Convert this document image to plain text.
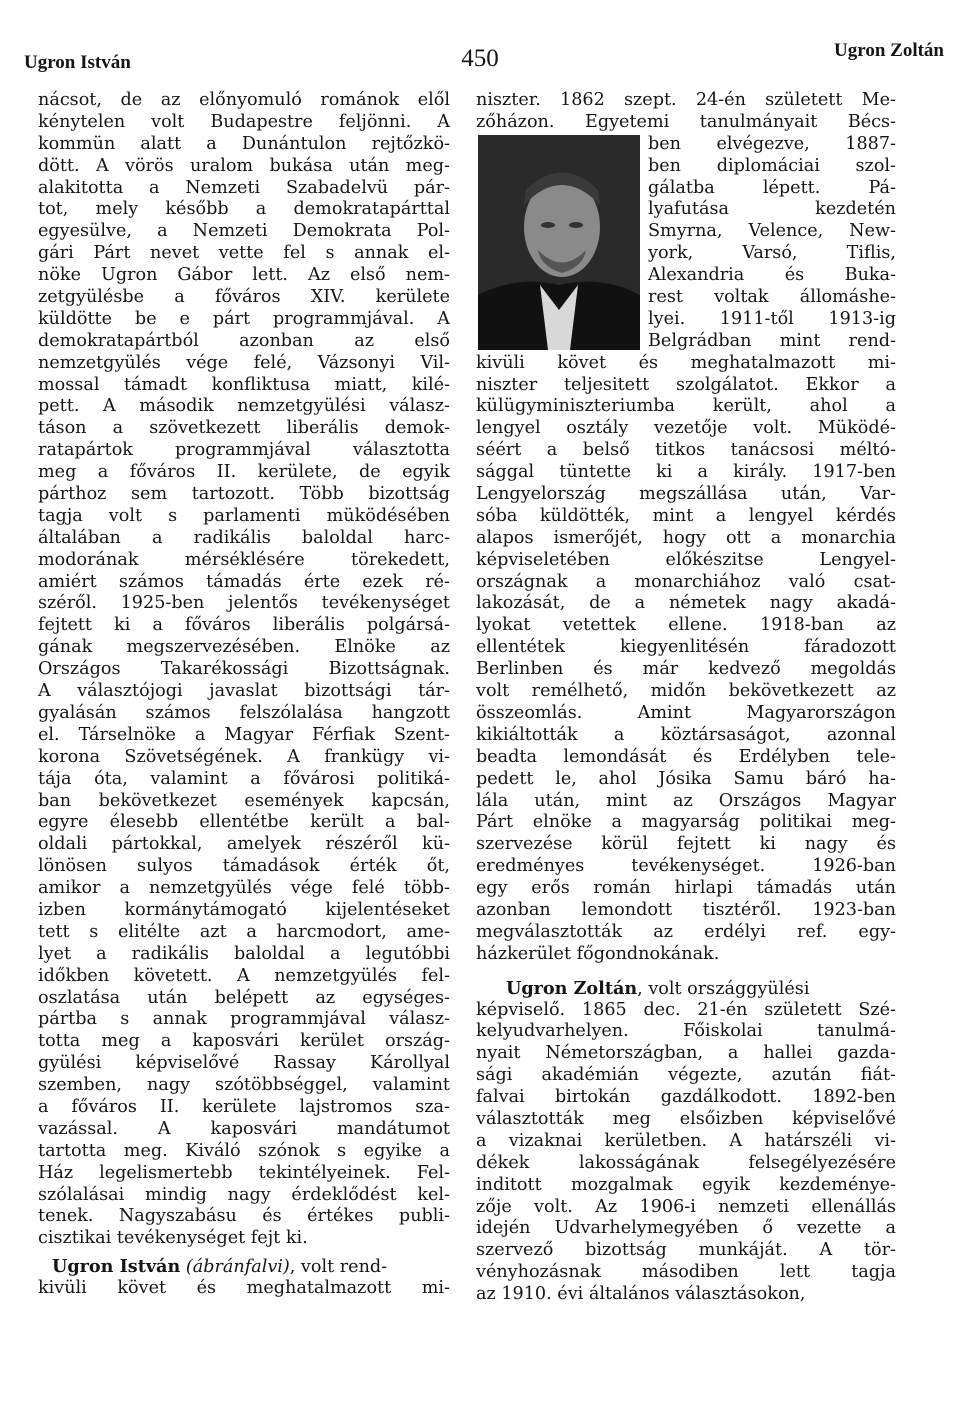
Ugron István	450	Ugron Zoltán
nácsot, de az előnyomuló románok elől
kénytelen volt Budapestre feljönni. A
kommün alatt a Dunántulon rejtőzkö-
dött. A vörös uralom bukása után meg-
alakitotta a Nemzeti Szabadelvü pár-
tot, mely később a demokratapárttal
egyesülve, a Nemzeti Demokrata Pol-
gári Párt nevet vette fel s annak el-
nöke Ugron Gábor lett. Az első nem-
zetgyülésbe a főváros XIV. kerülete
küldötte be e párt programmjával. A
demokratapártból azonban az első
nemzetgyülés vége felé, Vázsonyi Vil-
mossal támadt konfliktusa miatt, kilé-
pett. A második nemzetgyülési válasz-
táson a szövetkezett liberális demok-
ratapártok programmjával választotta
meg a főváros II. kerülete, de egyik
párthoz sem tartozott. Több bizottság
tagja volt s parlamenti müködésében
általában a radikális baloldal harc-
modorának mérséklésére törekedett,
amiért számos támadás érte ezek ré-
széről. 1925-ben jelentős tevékenységet
fejtett ki a főváros liberális polgársá-
gának megszervezésében. Elnöke az
Országos Takarékossági Bizottságnak.
A választójogi javaslat bizottsági tár-
gyalásán számos felszólalása hangzott
el. Társelnöke a Magyar Férfiak Szent-
korona Szövetségének. A frankügy vi-
tája óta, valamint a fővárosi politiká-
ban bekövetkezet események kapcsán,
egyre élesebb ellentétbe került a bal-
oldali pártokkal, amelyek részéről kü-
lönösen sulyos támadások érték őt,
amikor a nemzetgyülés vége felé több-
izben kormánytámogató kijelentéseket
tett s elitélte azt a harcmodort, ame-
lyet a radikális baloldal a legutóbbi
időkben követett. A nemzetgyülés fel-
oszlatása után belépett az egységes-
pártba s annak programmjával válasz-
totta meg a kaposvári kerület ország-
gyülési képviselővé Rassay Károllyal
szemben, nagy szótöbbséggel, valamint
a főváros II. kerülete lajstromos sza-
vazással. A kaposvári mandátumot
tartotta meg. Kiváló szónok s egyike a
Ház legelismertebb tekintélyeinek. Fel-
szólalásai mindig nagy érdeklődést kel-
tenek. Nagyszabásu és értékes publi-
cisztikai tevékenységet fejt ki.
Ugron István (ábránfalvi), volt rend-
kivüli követ és meghatalmazott mi-
niszter. 1862 szept. 24-én született Me-
zőházon. Egyetemi tanulmányait Bécs-
ben elvégezve, 1887-
ben diplomáciai szol-
gálatba lépett. Pá-
lyafutása kezdetén
Smyrna, Velence, New-
york, Varsó, Tiflis,
Alexandria és Buka-
rest voltak állomáshe-
lyei. 1911-től 1913-ig
Belgrádban mint rend-
kivüli követ és meghatalmazott mi-
niszter teljesitett szolgálatot. Ekkor a
külügyminiszteriumba került, ahol a
lengyel osztály vezetője volt. Müködé-
séért a belső titkos tanácsosi méltó-
sággal tüntette ki a király. 1917-ben
Lengyelország megszállása után, Var-
sóba küldötték, mint a lengyel kérdés
alapos ismerőjét, hogy ott a monarchia
képviseletében előkészitse Lengyel-
országnak a monarchiához való csat-
lakozását, de a németek nagy akadá-
lyokat vetettek ellene. 1918-ban az
ellentétek kiegyenlitésén fáradozott
Berlinben és már kedvező megoldás
volt remélhető, midőn bekövetkezett az
összeomlás. Amint Magyarországon
kikiáltották a köztársaságot, azonnal
beadta lemondását és Erdélyben tele-
pedett le, ahol Jósika Samu báró ha-
lála után, mint az Országos Magyar
Párt elnöke a magyarság politikai meg-
szervezése körül fejtett ki nagy és
eredményes tevékenységet. 1926-ban
egy erős román hirlapi támadás után
azonban lemondott tisztéről. 1923-ban
megválasztották az erdélyi ref. egy-
házkerület főgondnokának.
Ugron Zoltán, volt országgyülési
képviselő. 1865 dec. 21-én született Szé-
kelyudvarhelyen. Főiskolai tanulmá-
nyait Németországban, a hallei gazda-
sági akadémián végezte, azután fiát-
falvai birtokán gazdálkodott. 1892-ben
választották meg elsőizben képviselővé
a vizaknai kerületben. A határszéli vi-
dékek lakosságának felsegélyezésére
inditott mozgalmak egyik kezdeménye-
zője volt. Az 1906-i nemzeti ellenállás
idején Udvarhelymegyében ő vezette a
szervező bizottság munkáját. A tör-
vényhozásnak másodiben lett tagja
az 1910. évi általános választásokon,
